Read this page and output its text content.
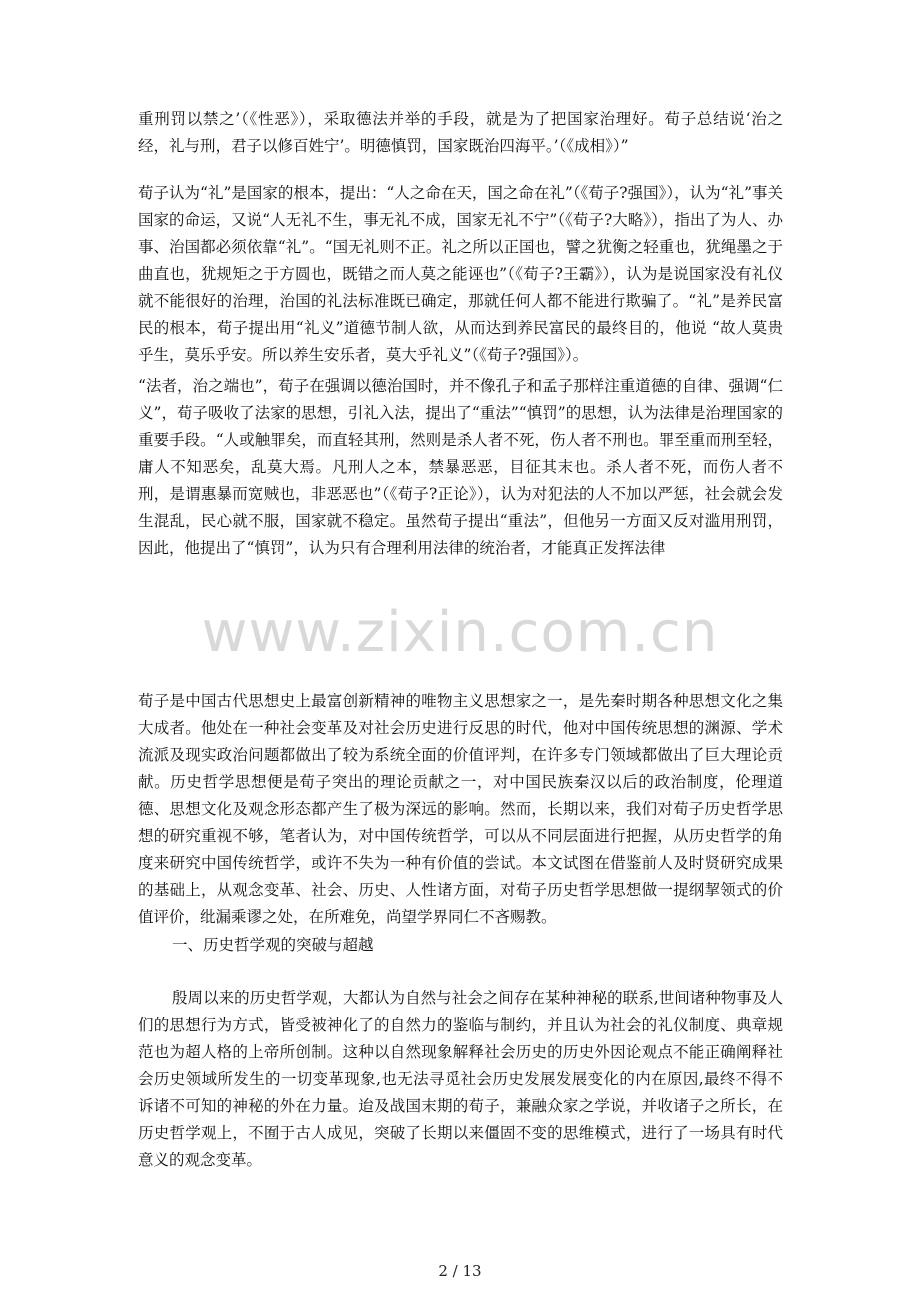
重刑罚以禁之’（《性恶》），采取德法并举的手段，就是为了把国家治理好。荀子总结说‘治之经，礼与刑，君子以修百姓宁’。明德慎罚，国家既治四海平。’（《成相》）”

荀子认为“礼”是国家的根本，提出：“人之命在天，国之命在礼”（《荀子?强国》），认为“礼”事关国家的命运，又说“人无礼不生，事无礼不成，国家无礼不宁”（《荀子?大略》），指出了为人、办事、治国都必须依靠“礼”。“国无礼则不正。礼之所以正国也，譬之犹衡之轻重也，犹绳墨之于曲直也，犹规矩之于方圆也，既错之而人莫之能诬也”（《荀子?王霸》），认为是说国家没有礼仪就不能很好的治理，治国的礼法标准既已确定，那就任何人都不能进行欺骗了。“礼”是养民富民的根本，荀子提出用“礼义”道德节制人欲，从而达到养民富民的最终目的，他说 “故人莫贵乎生，莫乐乎安。所以养生安乐者，莫大乎礼义”（《荀子?强国》）。

“法者，治之端也”，荀子在强调以德治国时，并不像孔子和孟子那样注重道德的自律、强调“仁义”，荀子吸收了法家的思想，引礼入法，提出了“重法”“慎罚”的思想，认为法律是治理国家的重要手段。“人或触罪矣，而直轻其刑，然则是杀人者不死，伤人者不刑也。罪至重而刑至轻，庸人不知恶矣，乱莫大焉。凡刑人之本，禁暴恶恶，目征其末也。杀人者不死，而伤人者不刑，是谓惠暴而宽贼也，非恶恶也”（《荀子?正论》），认为对犯法的人不加以严惩，社会就会发生混乱，民心就不服，国家就不稳定。虽然荀子提出“重法”，但他另一方面又反对滥用刑罚，因此，他提出了“慎罚”，认为只有合理利用法律的统治者，才能真正发挥法律

www.zixin.com.cn

荀子是中国古代思想史上最富创新精神的唯物主义思想家之一，是先秦时期各种思想文化之集大成者。他处在一种社会变革及对社会历史进行反思的时代，他对中国传统思想的渊源、学术流派及现实政治问题都做出了较为系统全面的价值评判，在许多专门领域都做出了巨大理论贡献。历史哲学思想便是荀子突出的理论贡献之一，对中国民族秦汉以后的政治制度，伦理道德、思想文化及观念形态都产生了极为深远的影响。然而，长期以来，我们对荀子历史哲学思想的研究重视不够，笔者认为，对中国传统哲学，可以从不同层面进行把握，从历史哲学的角度来研究中国传统哲学，或许不失为一种有价值的尝试。本文试图在借鉴前人及时贤研究成果的基础上，从观念变革、社会、历史、人性诸方面，对荀子历史哲学思想做一提纲挈领式的价值评价，纰漏乘谬之处，在所难免，尚望学界同仁不吝赐教。

一、历史哲学观的突破与超越

殷周以来的历史哲学观，大都认为自然与社会之间存在某种神秘的联系,世间诸种物事及人们的思想行为方式，皆受被神化了的自然力的鉴临与制约，并且认为社会的礼仪制度、典章规范也为超人格的上帝所创制。这种以自然现象解释社会历史的历史外因论观点不能正确阐释社会历史领域所发生的一切变革现象,也无法寻觅社会历史发展发展变化的内在原因,最终不得不诉诸不可知的神秘的外在力量。迨及战国末期的荀子，兼融众家之学说，并收诸子之所长，在历史哲学观上，不囿于古人成见，突破了长期以来僵固不变的思维模式，进行了一场具有时代意义的观念变革。

2 / 13
